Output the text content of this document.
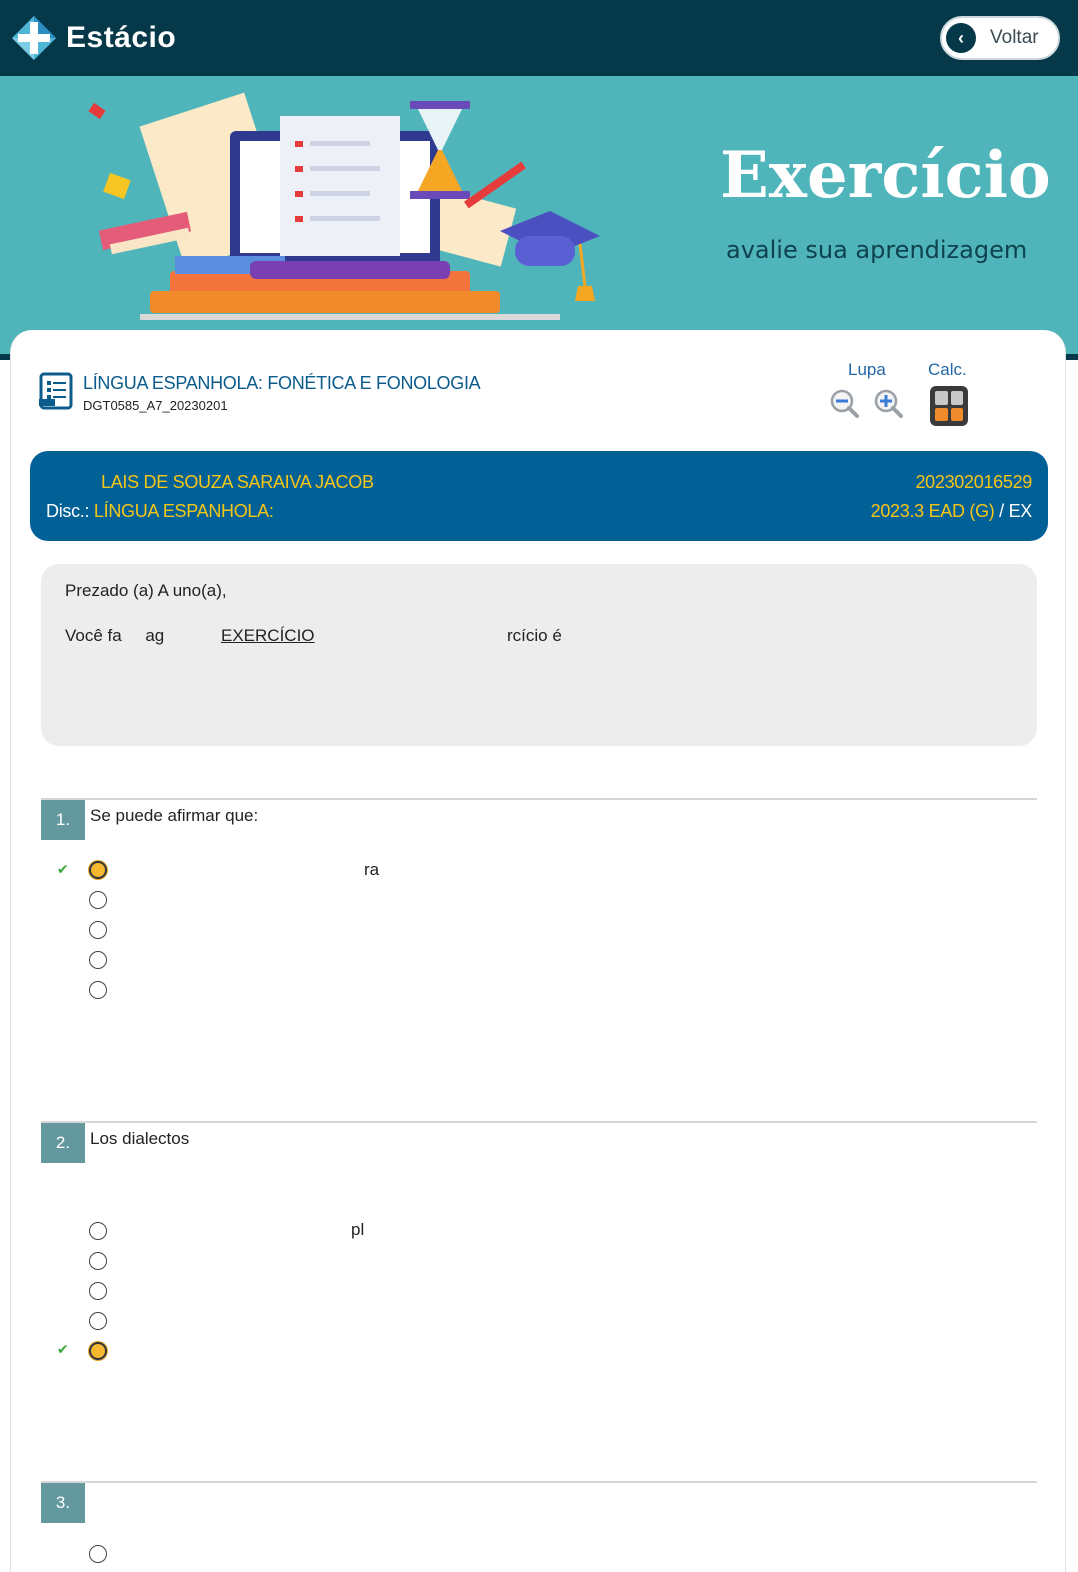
Estácio	‹	Voltar
Exercício
avalie sua aprendizagem
LÍNGUA ESPANHOLA: FONÉTICA E FONOLOGIA
DGT0585_A7_20230201
Lupa Calc.
LAIS DE SOUZA SARAIVA JACOB	202302016529
Disc.: LÍNGUA ESPANHOLA:	2023.3 EAD (G) / EX
Prezado (a) A uno(a),
Você fa     ag	EXERCÍCIO	rcício é
1.	Se puede afirmar que:
✔	ra
2.	Los dialectos
pl
✔
3.
